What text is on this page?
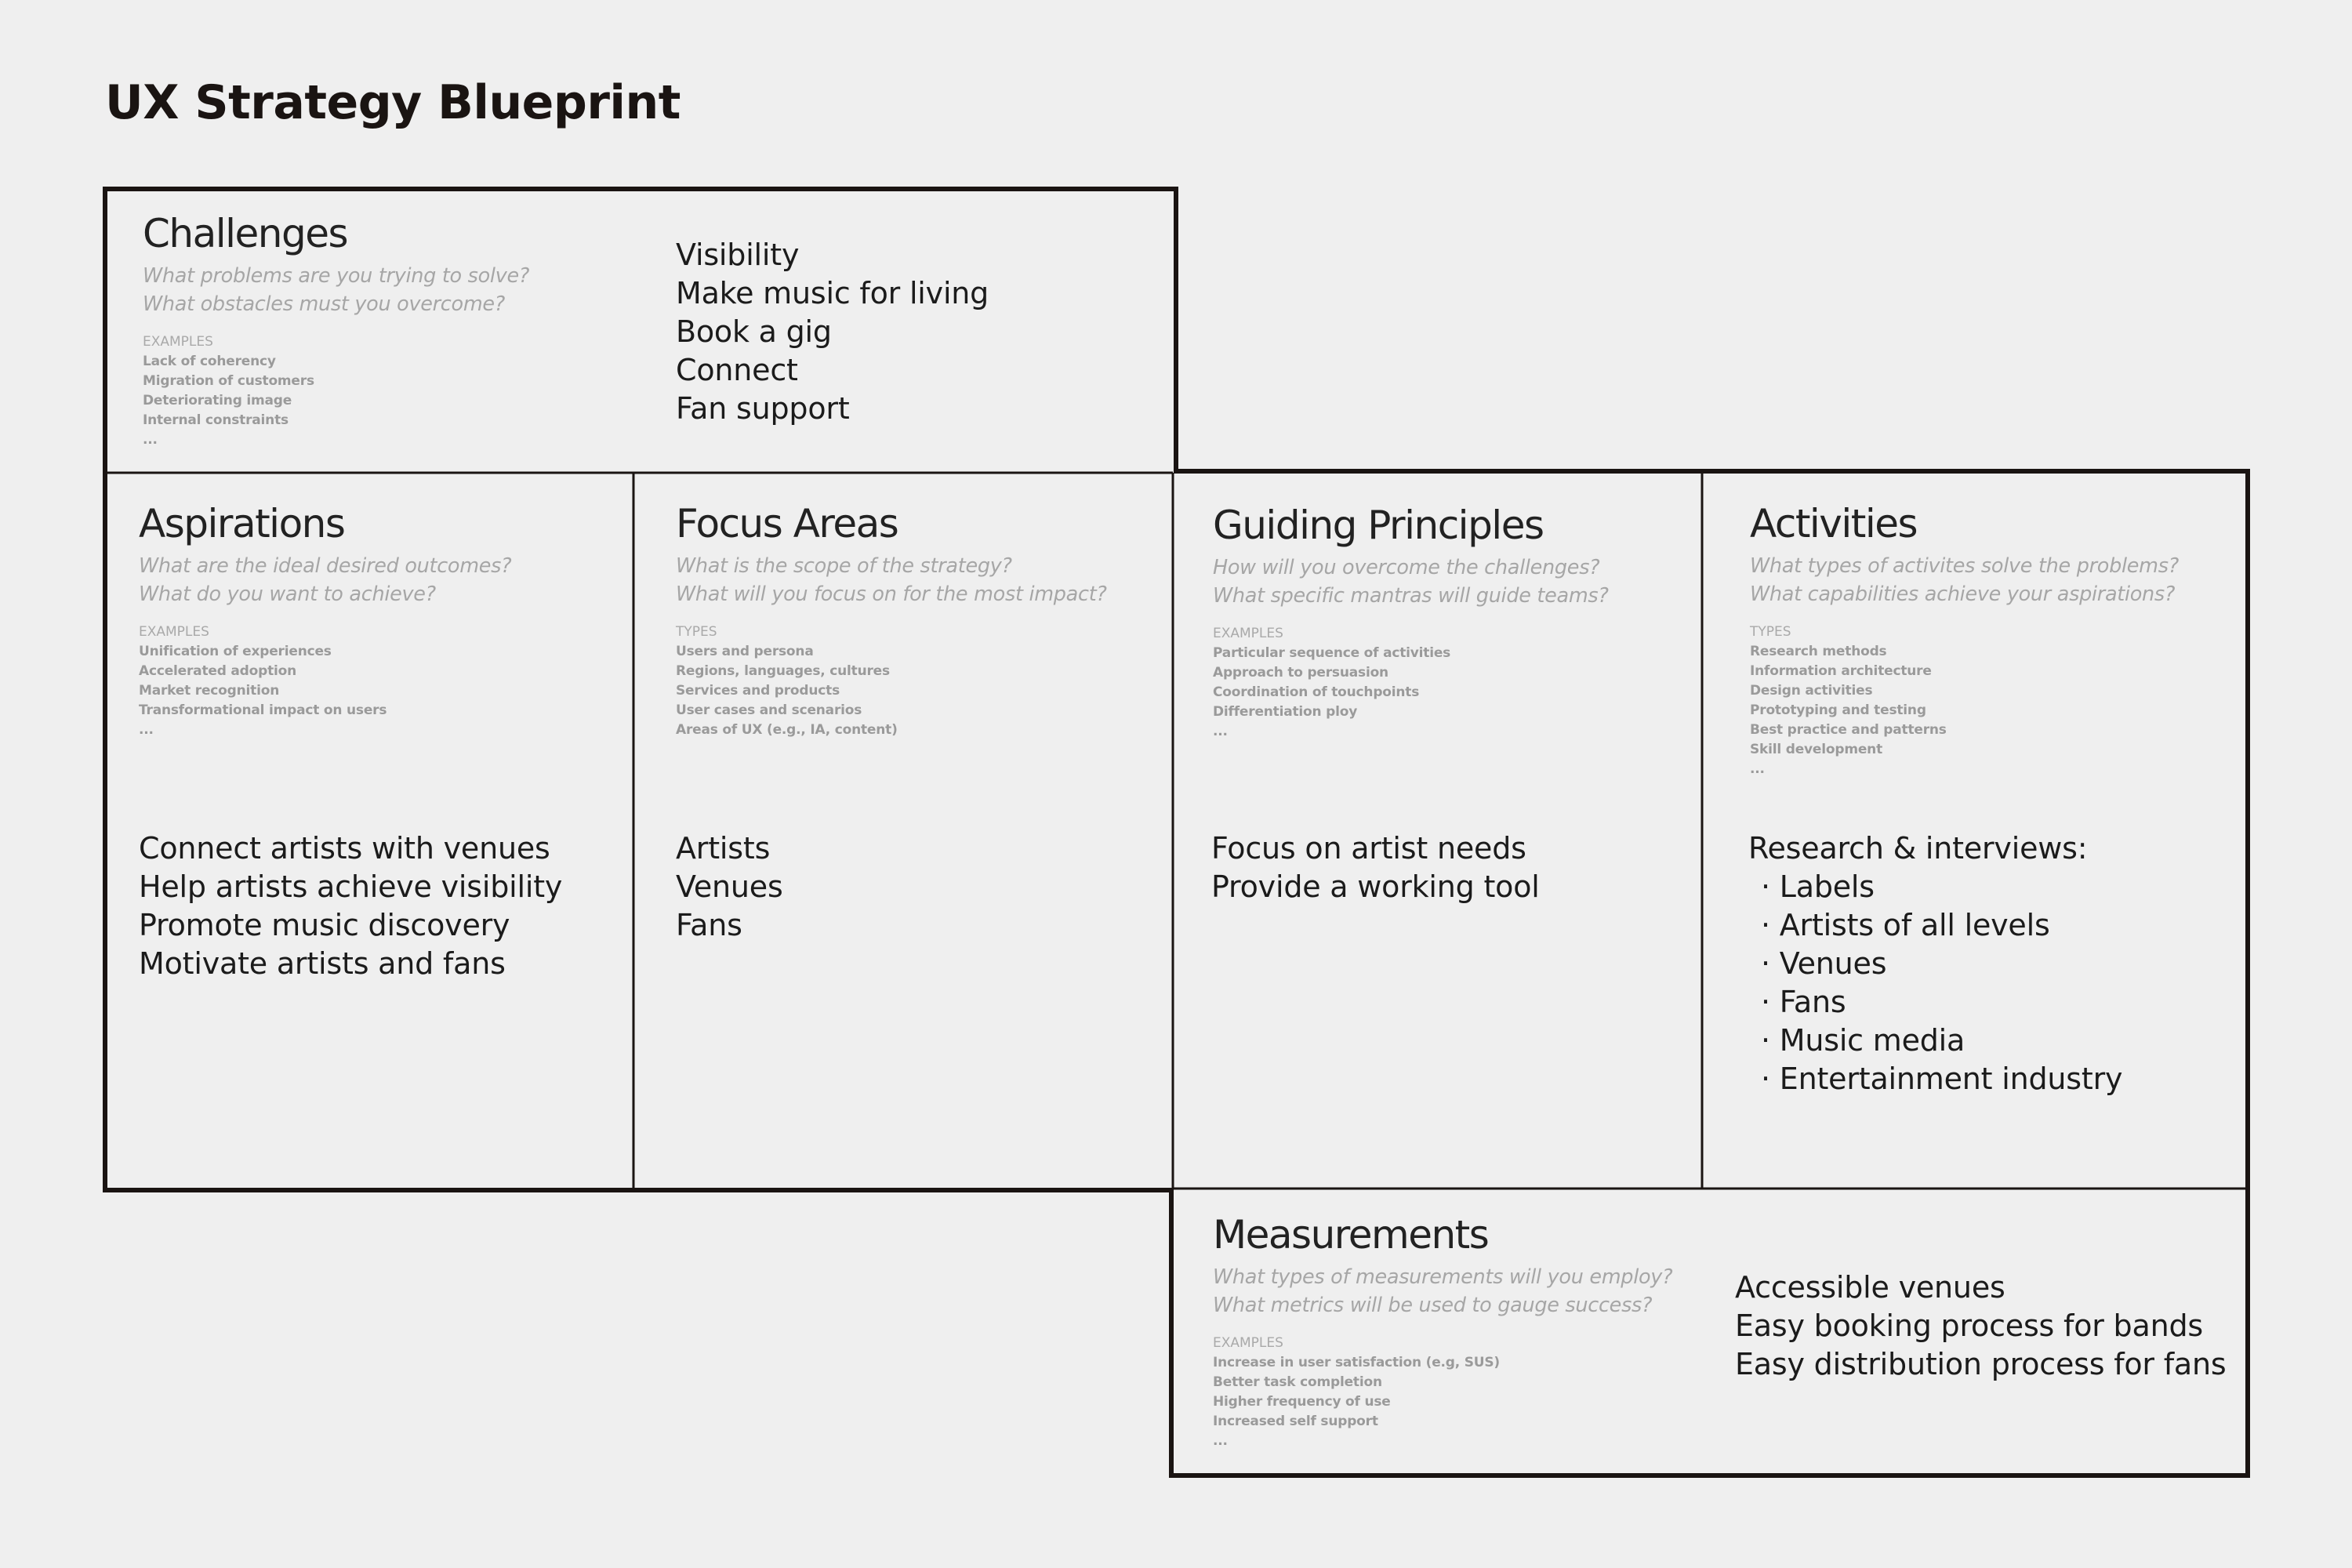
UX Strategy Blueprint
Challenges
What problems are you trying to solve?
What obstacles must you overcome?
EXAMPLES
Lack of coherency
Migration of customers
Deteriorating image
Internal constraints
...
Visibility
Make music for living
Book a gig
Connect
Fan support
Aspirations
What are the ideal desired outcomes?
What do you want to achieve?
EXAMPLES
Unification of experiences
Accelerated adoption
Market recognition
Transformational impact on users
...
Connect artists with venues
Help artists achieve visibility
Promote music discovery
Motivate artists and fans
Focus Areas
What is the scope of the strategy?
What will you focus on for the most impact?
TYPES
Users and persona
Regions, languages, cultures
Services and products
User cases and scenarios
Areas of UX (e.g., IA, content)
Artists
Venues
Fans
Guiding Principles
How will you overcome the challenges?
What specific mantras will guide teams?
EXAMPLES
Particular sequence of activities
Approach to persuasion
Coordination of touchpoints
Differentiation ploy
...
Focus on artist needs
Provide a working tool
Activities
What types of activites solve the problems?
What capabilities achieve your aspirations?
TYPES
Research methods
Information architecture
Design activities
Prototyping and testing
Best practice and patterns
Skill development
...
Research & interviews:
· Labels
· Artists of all levels
· Venues
· Fans
· Music media
· Entertainment industry
Measurements
What types of measurements will you employ?
What metrics will be used to gauge success?
EXAMPLES
Increase in user satisfaction (e.g, SUS)
Better task completion
Higher frequency of use
Increased self support
...
Accessible venues
Easy booking process for bands
Easy distribution process for fans
